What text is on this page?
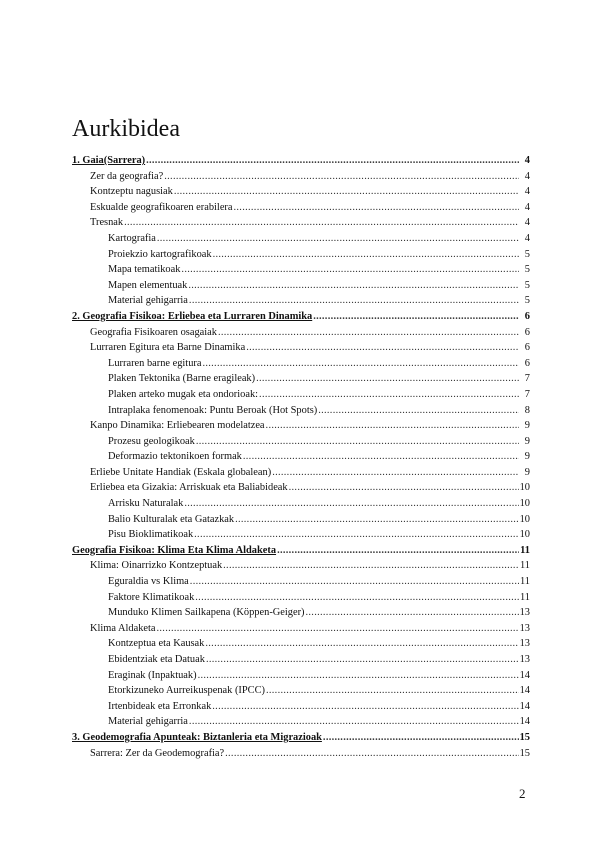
Aurkibidea
1. Gaia(Sarrera) .....	4
Zer da geografia? .....	4
Kontzeptu nagusiak .....	4
Eskualde geografikoaren erabilera .....	4
Tresnak .....	4
Kartografia .....	4
Proiekzio kartografikoak .....	5
Mapa tematikoak .....	5
Mapen elementuak .....	5
Material gehigarria .....	5
2. Geografia Fisikoa: Erliebea eta Lurraren Dinamika .....	6
Geografia Fisikoaren osagaiak .....	6
Lurraren Egitura eta Barne Dinamika .....	6
Lurraren barne egitura .....	6
Plaken Tektonika (Barne eragileak) .....	7
Plaken arteko mugak eta ondorioak: .....	7
Intraplaka fenomenoak: Puntu Beroak (Hot Spots) .....	8
Kanpo Dinamika: Erliebearen modelatzea .....	9
Prozesu geologikoak .....	9
Deformazio tektonikoen formak .....	9
Erliebe Unitate Handiak (Eskala globalean) .....	9
Erliebea eta Gizakia: Arriskuak eta Baliabideak .....	10
Arrisku Naturalak .....	10
Balio Kulturalak eta Gatazkak .....	10
Pisu Bioklimatikoak .....	10
Geografia Fisikoa: Klima Eta Klima Aldaketa .....	11
Klima: Oinarrizko Kontzeptuak .....	11
Eguraldia vs Klima .....	11
Faktore Klimatikoak .....	11
Munduko Klimen Sailkapena (Köppen-Geiger) .....	13
Klima Aldaketa .....	13
Kontzeptua eta Kausak .....	13
Ebidentziak eta Datuak .....	13
Eraginak (Inpaktuak) .....	14
Etorkizuneko Aurreikuspenak (IPCC) .....	14
Irtenbideak eta Erronkak .....	14
Material gehigarria .....	14
3. Geodemografia Apunteak: Biztanleria eta Migrazioak .....	15
Sarrera: Zer da Geodemografia? .....	15
2
